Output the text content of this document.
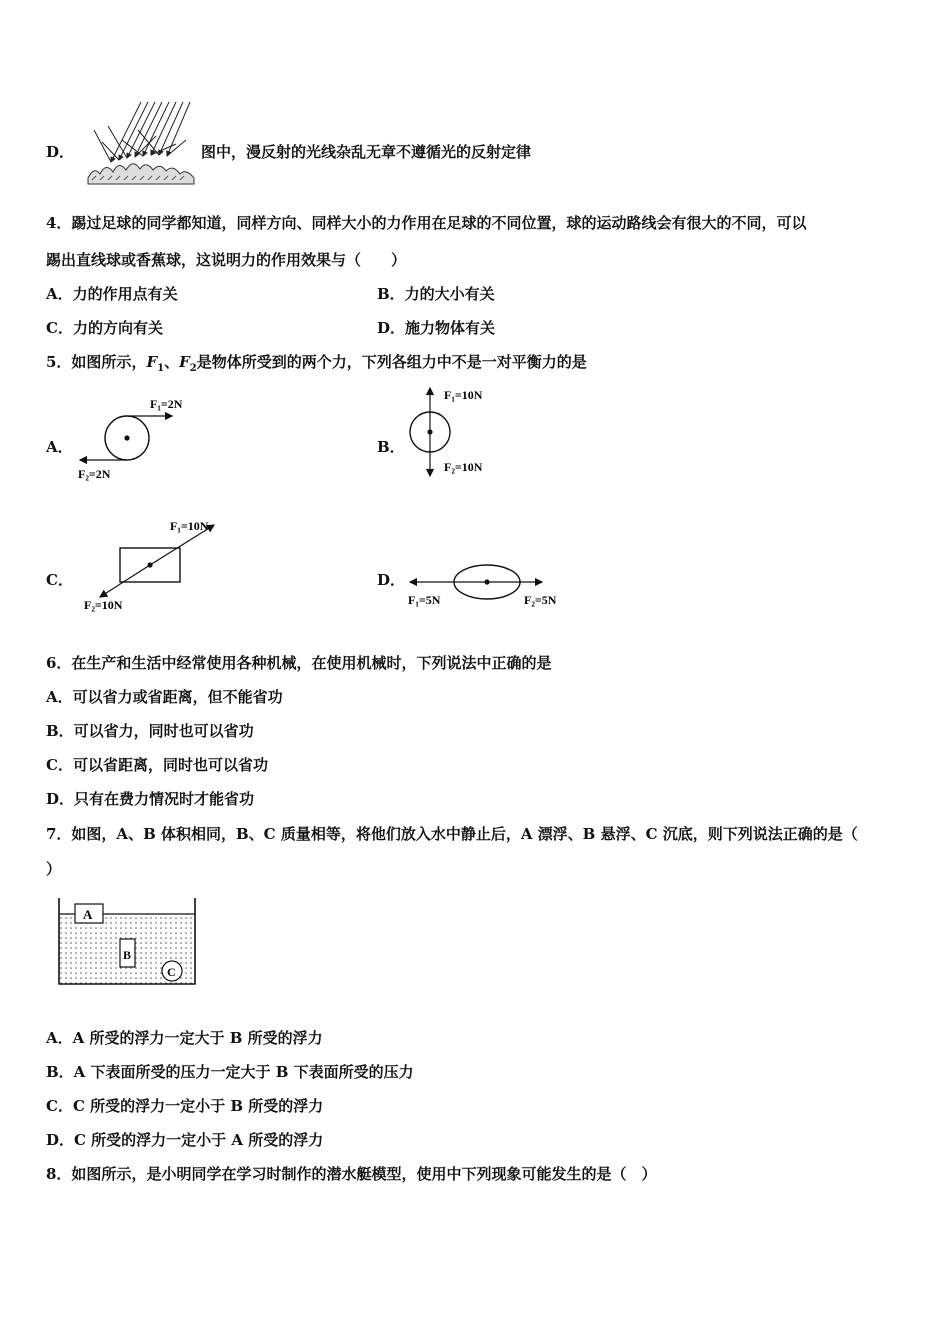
D．	图中，漫反射的光线杂乱无章不遵循光的反射定律
4．踢过足球的同学都知道，同样方向、同样大小的力作用在足球的不同位置，球的运动路线会有很大的不同，可以
踢出直线球或香蕉球，这说明力的作用效果与（　　）
A．力的作用点有关	B．力的大小有关
C．力的方向有关	D．施力物体有关
5．如图所示，$F_1$、$F_2$是物体所受到的两个力，下列各组力中不是一对平衡力的是
A．
F₁=2N
F₂=2N
B．
F₁=10N
F₂=10N
C．
F₁=10N
F₂=10N
D．
F₁=5N	F₂=5N
6．在生产和生活中经常使用各种机械，在使用机械时，下列说法中正确的是
A．可以省力或省距离，但不能省功
B．可以省力，同时也可以省功
C．可以省距离，同时也可以省功
D．只有在费力情况时才能省功
7．如图，A、B 体积相同，B、C 质量相等，将他们放入水中静止后，A 漂浮、B 悬浮、C 沉底，则下列说法正确的是（
）
A
B
C
A．A 所受的浮力一定大于 B 所受的浮力
B．A 下表面所受的压力一定大于 B 下表面所受的压力
C．C 所受的浮力一定小于 B 所受的浮力
D．C 所受的浮力一定小于 A 所受的浮力
8．如图所示，是小明同学在学习时制作的潜水艇模型，使用中下列现象可能发生的是（　）
